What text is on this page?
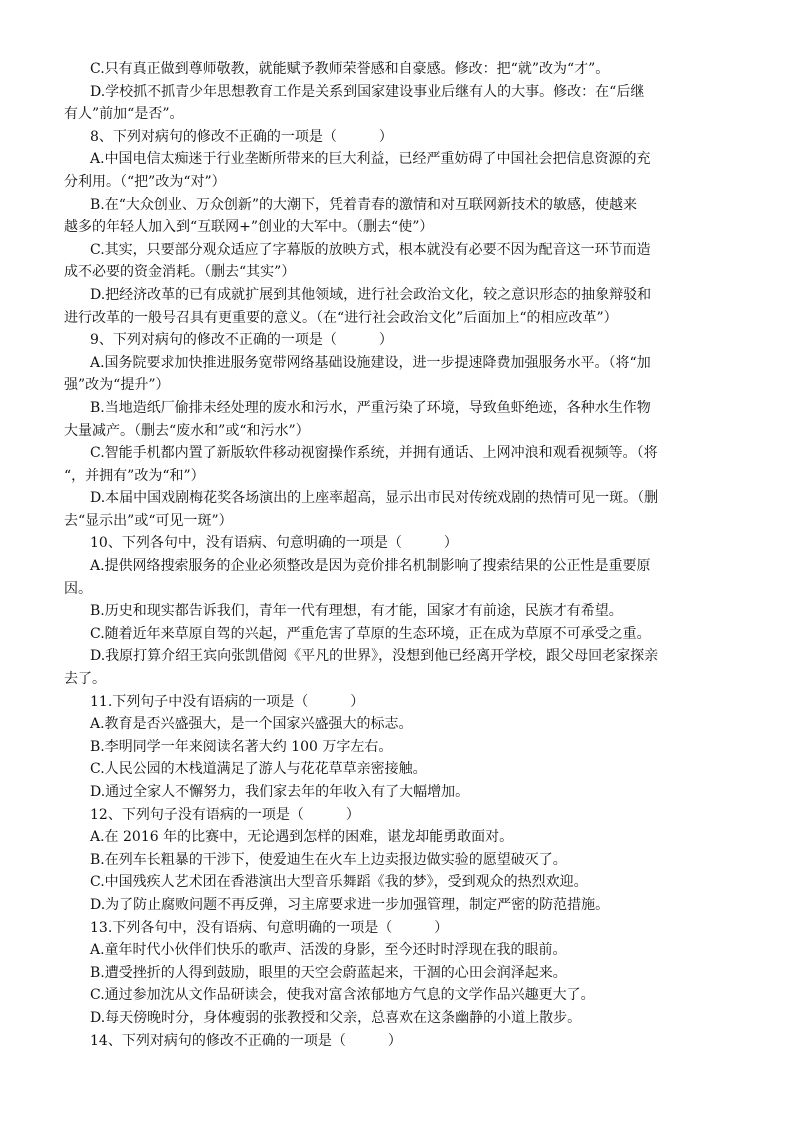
C.只有真正做到尊师敬教，就能赋予教师荣誉感和自豪感。修改：把“就”改为“才”。
D.学校抓不抓青少年思想教育工作是关系到国家建设事业后继有人的大事。修改：在“后继
有人”前加“是否”。
8、下列对病句的修改不正确的一项是（　　　）
A.中国电信太痴迷于行业垄断所带来的巨大利益，已经严重妨碍了中国社会把信息资源的充
分利用。（“把”改为“对”）
B.在“大众创业、万众创新”的大潮下，凭着青春的激情和对互联网新技术的敏感，使越来
越多的年轻人加入到“互联网+”创业的大军中。（删去“使”）
C.其实，只要部分观众适应了字幕版的放映方式，根本就没有必要不因为配音这一环节而造
成不必要的资金消耗。（删去“其实”）
D.把经济改革的已有成就扩展到其他领域，进行社会政治文化，较之意识形态的抽象辩驳和
进行改革的一般号召具有更重要的意义。（在“进行社会政治文化”后面加上“的相应改革”）
9、下列对病句的修改不正确的一项是（　　　）
A.国务院要求加快推进服务宽带网络基础设施建设，进一步提速降费加强服务水平。（将“加
强”改为“提升”）
B.当地造纸厂偷排未经处理的废水和污水，严重污染了环境，导致鱼虾绝迹，各种水生作物
大量减产。（删去“废水和”或“和污水”）
C.智能手机都内置了新版软件移动视窗操作系统，并拥有通话、上网冲浪和观看视频等。（将
“，并拥有”改为“和”）
D.本届中国戏剧梅花奖各场演出的上座率超高，显示出市民对传统戏剧的热情可见一斑。（删
去“显示出”或“可见一斑”）
10、下列各句中，没有语病、句意明确的一项是（　　　）
A.提供网络搜索服务的企业必须整改是因为竞价排名机制影响了搜索结果的公正性是重要原
因。
B.历史和现实都告诉我们，青年一代有理想，有才能，国家才有前途，民族才有希望。
C.随着近年来草原自驾的兴起，严重危害了草原的生态环境，正在成为草原不可承受之重。
D.我原打算介绍王宾向张凯借阅《平凡的世界》，没想到他已经离开学校，跟父母回老家探亲
去了。
11.下列句子中没有语病的一项是（　　　）
A.教育是否兴盛强大，是一个国家兴盛强大的标志。
B.李明同学一年来阅读名著大约 100 万字左右。
C.人民公园的木栈道满足了游人与花花草草亲密接触。
D.通过全家人不懈努力，我们家去年的年收入有了大幅增加。
12、下列句子没有语病的一项是（　　　）
A.在 2016 年的比赛中，无论遇到怎样的困难，谌龙却能勇敢面对。
B.在列车长粗暴的干涉下，使爱迪生在火车上边卖报边做实验的愿望破灭了。
C.中国残疾人艺术团在香港演出大型音乐舞蹈《我的梦》，受到观众的热烈欢迎。
D.为了防止腐败问题不再反弹，习主席要求进一步加强管理，制定严密的防范措施。
13.下列各句中，没有语病、句意明确的一项是（　　　）
A.童年时代小伙伴们快乐的歌声、活泼的身影，至今还时时浮现在我的眼前。
B.遭受挫折的人得到鼓励，眼里的天空会蔚蓝起来，干涸的心田会润泽起来。
C.通过参加沈从文作品研读会，使我对富含浓郁地方气息的文学作品兴趣更大了。
D.每天傍晚时分，身体瘦弱的张教授和父亲，总喜欢在这条幽静的小道上散步。
14、下列对病句的修改不正确的一项是（　　　）
